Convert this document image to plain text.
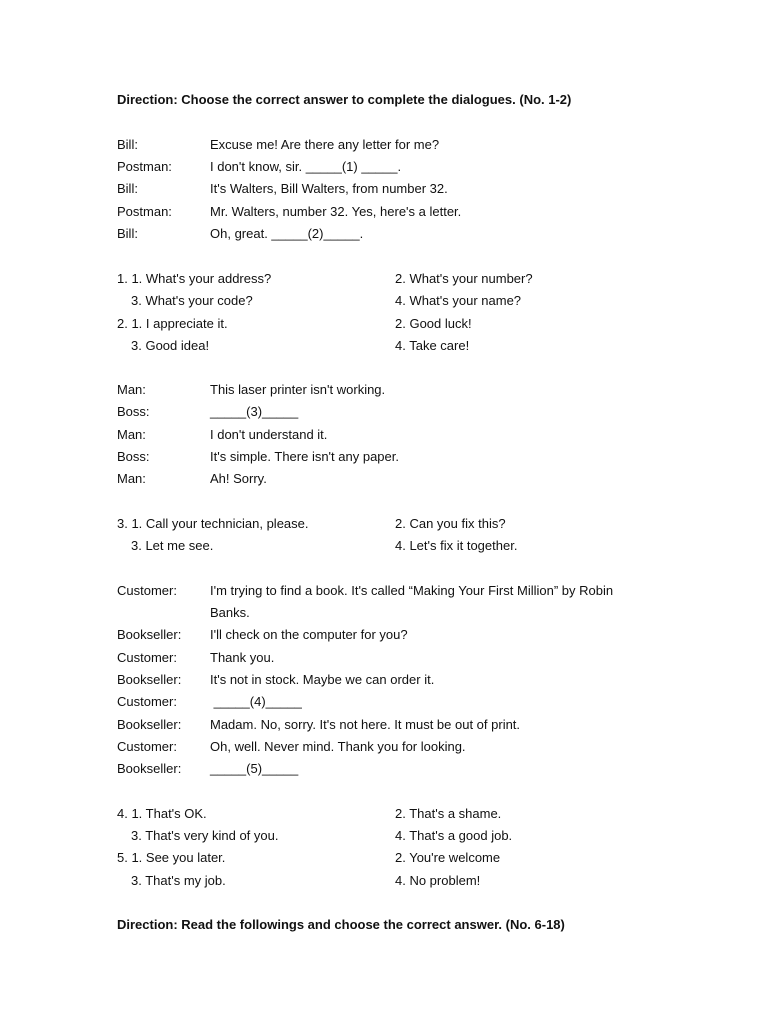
Direction: Choose the correct answer to complete the dialogues. (No. 1-2)
Bill:	Excuse me! Are there any letter for me?
Postman:	I don't know, sir. _____(1) _____.
Bill:	It's Walters, Bill Walters, from number 32.
Postman:	Mr. Walters, number 32. Yes, here's a letter.
Bill:	Oh, great. _____(2)_____.
1. 1. What's your address?	2. What's your number?
3. What's your code?	4. What's your name?
2. 1. I appreciate it.	2. Good luck!
3. Good idea!	4. Take care!
Man:	This laser printer isn't working.
Boss:	_____(3)_____
Man:	I don't understand it.
Boss:	It's simple. There isn't any paper.
Man:	Ah! Sorry.
3. 1. Call your technician, please.	2. Can you fix this?
3. Let me see.	4. Let's fix it together.
Customer:	I'm trying to find a book. It's called “Making Your First Million” by Robin
Banks.
Bookseller: I'll check on the computer for you?
Customer:	Thank you.
Bookseller: It's not in stock. Maybe we can order it.
Customer:	_____(4)_____
Bookseller: Madam. No, sorry. It's not here. It must be out of print.
Customer:	Oh, well. Never mind. Thank you for looking.
Bookseller: _____(5)_____
4. 1. That's OK.	2. That's a shame.
3. That's very kind of you.	4. That's a good job.
5. 1. See you later.	2. You're welcome
3. That's my job.	4. No problem!
Direction: Read the followings and choose the correct answer. (No. 6-18)
